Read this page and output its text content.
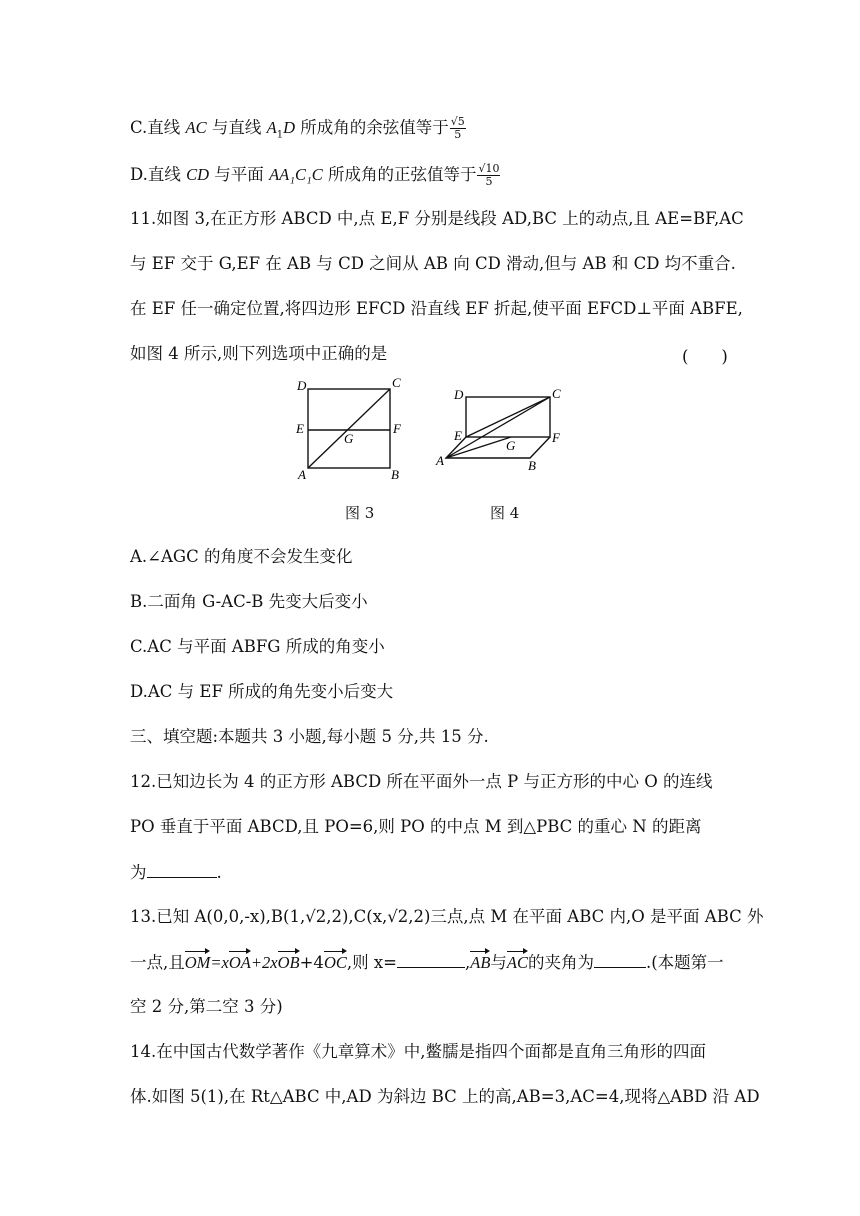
C.直线 AC 与直线 $A_1D$ 所成角的余弦值等于 $\frac{√5}{5}$
D.直线 CD 与平面 AA₁C₁C 所成角的正弦值等于 $\frac{√10}{5}$
11.如图 3,在正方形 ABCD 中,点 E,F 分别是线段 AD,BC 上的动点,且 AE=BF,AC
与 EF 交于 G,EF 在 AB 与 CD 之间从 AB 向 CD 滑动,但与 AB 和 CD 均不重合.
在 EF 任一确定位置,将四边形 EFCD 沿直线 EF 折起,使平面 EFCD⊥平面 ABFE,
如图 4 所示,则下列选项中正确的是	(　　)
D	C
E
G
F
A	B
D	C
E
G
F
A	B
图 3	图 4
A.∠AGC 的角度不会发生变化
B.二面角 G-AC-B 先变大后变小
C.AC 与平面 ABFG 所成的角变小
D.AC 与 EF 所成的角先变小后变大
三、填空题:本题共 3 小题,每小题 5 分,共 15 分.
12.已知边长为 4 的正方形 ABCD 所在平面外一点 P 与正方形的中心 O 的连线
PO 垂直于平面 ABCD,且 PO=6,则 PO 的中点 M 到△PBC 的重心 N 的距离
为	.
13.已知 A(0,0,-x),B(1,√2,2),C(x,√2,2)三点,点 M 在平面 ABC 内,O 是平面 ABC 外
一点,且OM=xOA+2xOB+4OC,则 x=	,AB与AC的夹角为	.(本题第一
空 2 分,第二空 3 分)
14.在中国古代数学著作《九章算术》中,鳖臑是指四个面都是直角三角形的四面
体.如图 5(1),在 Rt△ABC 中,AD 为斜边 BC 上的高,AB=3,AC=4,现将△ABD 沿 AD
